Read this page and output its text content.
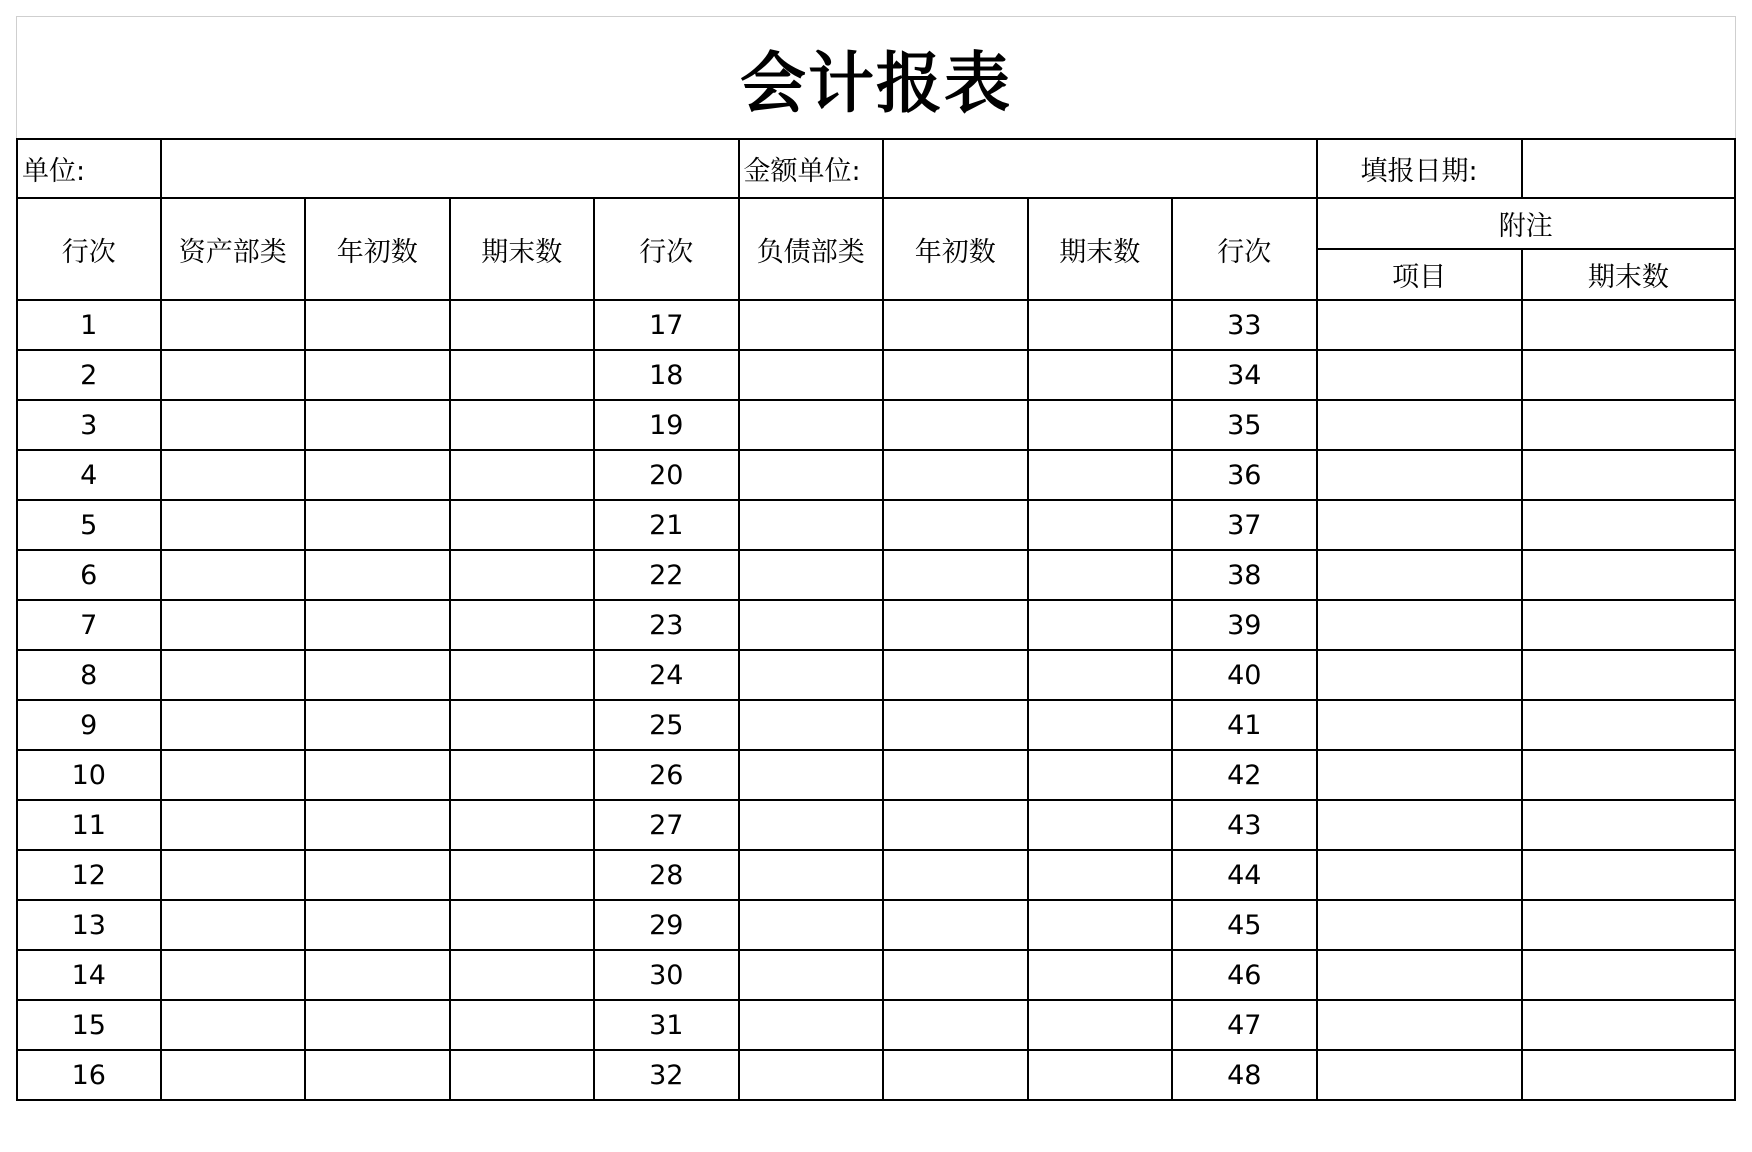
会计报表
单位:					金额单位:				填报日期:	
行次	资产部类	年初数	期末数	行次	负债部类	年初数	期末数	行次	附注	
									项目	期末数
1				17				33		
2				18				34		
3				19				35		
4				20				36		
5				21				37		
6				22				38		
7				23				39		
8				24				40		
9				25				41		
10				26				42		
11				27				43		
12				28				44		
13				29				45		
14				30				46		
15				31				47		
16				32				48		
